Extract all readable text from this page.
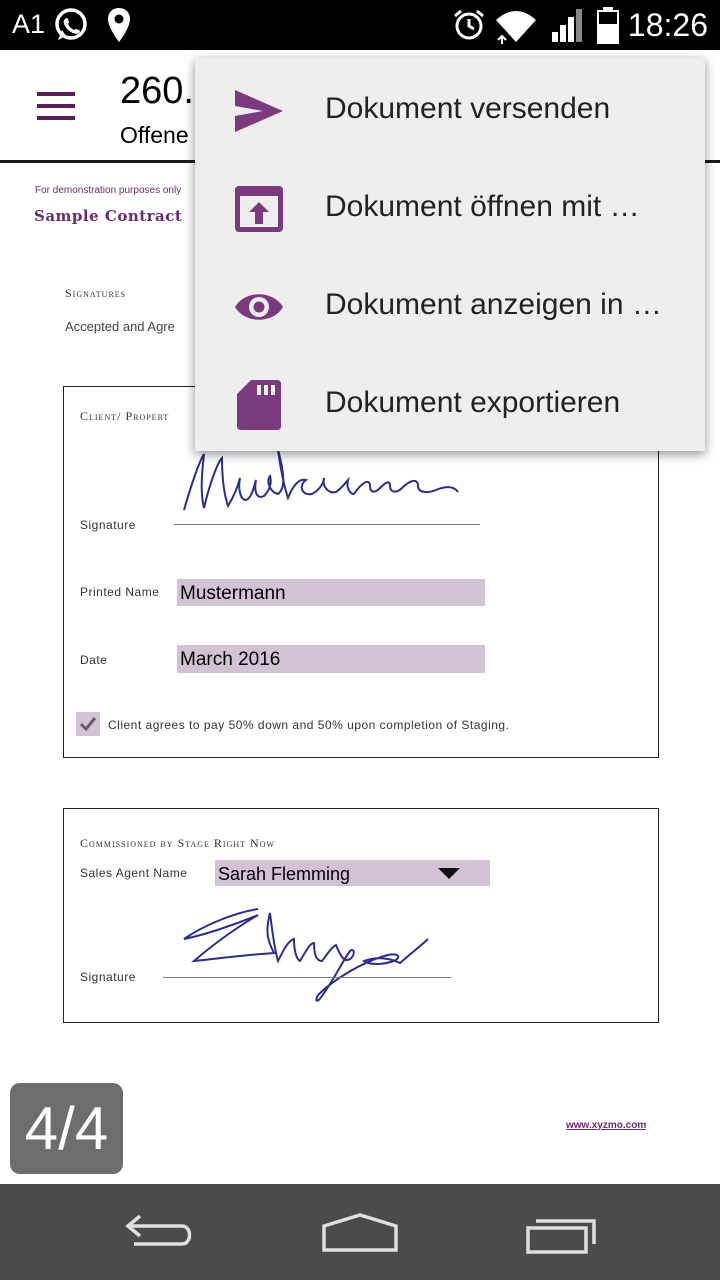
A1	18:26
260.
Offene
For demonstration purposes only
Sample Contract
Signatures
Accepted and Agre
Client/ Propert
Signature
Printed Name Mustermann
Date	March 2016
Client agrees to pay 50% down and 50% upon completion of Staging.
Commissioned by Stage Right Now
Sales Agent Name Sarah Flemming
Signature
www.xyzmo.com
4/4
Dokument versenden
Dokument öffnen mit …
Dokument anzeigen in …
Dokument exportieren
